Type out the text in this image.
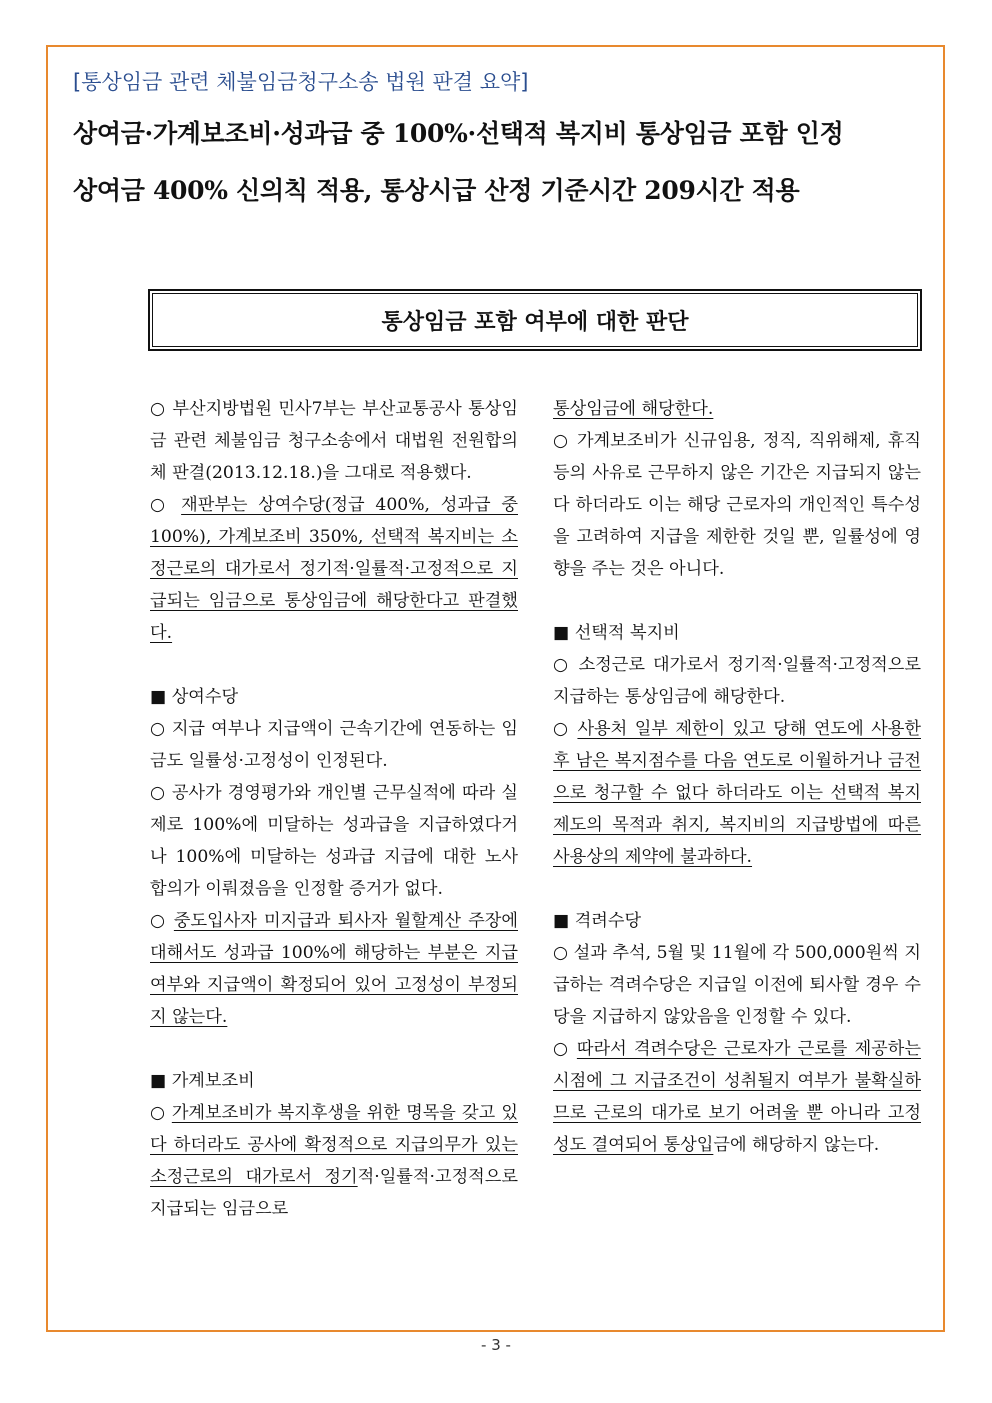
[통상임금 관련 체불임금청구소송 법원 판결 요약]
상여금·가계보조비·성과급 중 100%·선택적 복지비 통상임금 포함 인정
상여금 400% 신의칙 적용, 통상시급 산정 기준시간 209시간 적용
통상임금 포함 여부에 대한 판단

○ 부산지방법원 민사7부는 부산교통공사 통상임금 관련 체불임금 청구소송에서 대법원 전원합의체 판결(2013.12.18.)을 그대로 적용했다.

○ 재판부는 상여수당(정급 400%, 성과급 중 100%), 가계보조비 350%, 선택적 복지비는 소정근로의 대가로서 정기적·일률적·고정적으로 지급되는 임금으로 통상임금에 해당한다고 판결했다.

■ 상여수당

○ 지급 여부나 지급액이 근속기간에 연동하는 임금도 일률성·고정성이 인정된다.

○ 공사가 경영평가와 개인별 근무실적에 따라 실제로 100%에 미달하는 성과급을 지급하였다거나 100%에 미달하는 성과급 지급에 대한 노사 합의가 이뤄졌음을 인정할 증거가 없다.

○ 중도입사자 미지급과 퇴사자 월할계산 주장에 대해서도 성과급 100%에 해당하는 부분은 지급여부와 지급액이 확정되어 있어 고정성이 부정되지 않는다.

■ 가계보조비

○ 가계보조비가 복지후생을 위한 명목을 갖고 있다 하더라도 공사에 확정적으로 지급의무가 있는 소정근로의 대가로서 정기적·일률적·고정적으로 지급되는 임금으로

통상임금에 해당한다.

○ 가계보조비가 신규임용, 정직, 직위해제, 휴직 등의 사유로 근무하지 않은 기간은 지급되지 않는다 하더라도 이는 해당 근로자의 개인적인 특수성을 고려하여 지급을 제한한 것일 뿐, 일률성에 영향을 주는 것은 아니다.

■ 선택적 복지비

○ 소정근로 대가로서 정기적·일률적·고정적으로 지급하는 통상임금에 해당한다.

○ 사용처 일부 제한이 있고 당해 연도에 사용한 후 남은 복지점수를 다음 연도로 이월하거나 금전으로 청구할 수 없다 하더라도 이는 선택적 복지제도의 목적과 취지, 복지비의 지급방법에 따른 사용상의 제약에 불과하다.

■ 격려수당

○ 설과 추석, 5월 및 11월에 각 500,000원씩 지급하는 격려수당은 지급일 이전에 퇴사할 경우 수당을 지급하지 않았음을 인정할 수 있다.

○ 따라서 격려수당은 근로자가 근로를 제공하는 시점에 그 지급조건이 성취될지 여부가 불확실하므로 근로의 대가로 보기 어려울 뿐 아니라 고정성도 결여되어 통상입금에 해당하지 않는다.

- 3 -
